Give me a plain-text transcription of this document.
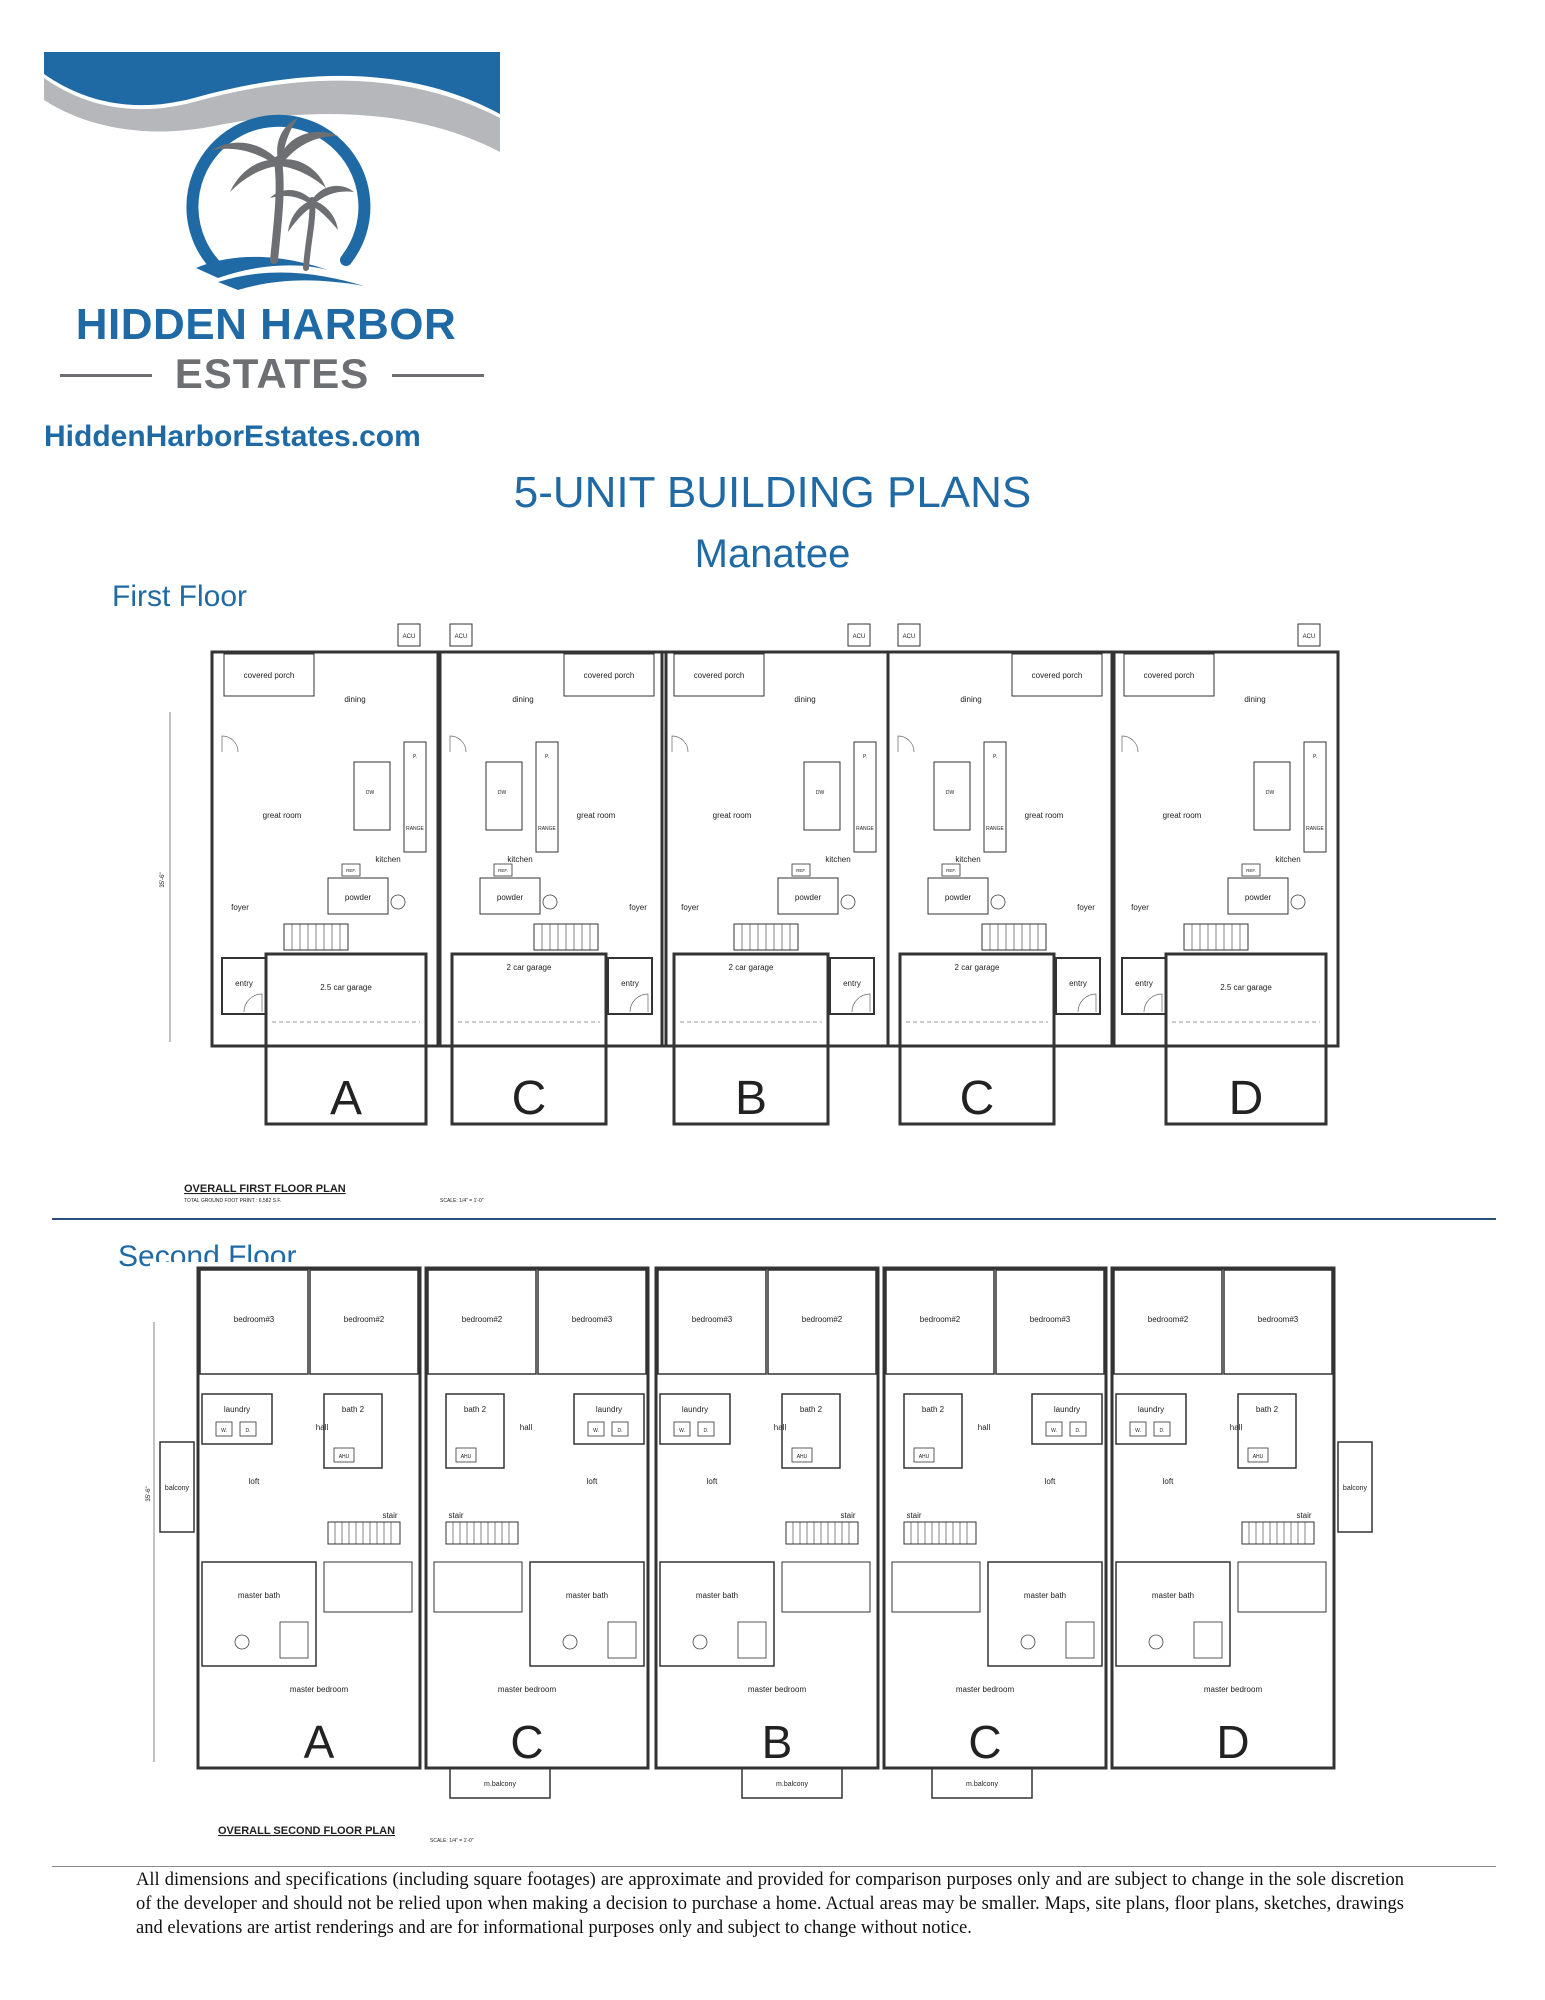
HIDDEN HARBOR
ESTATES
HiddenHarborEstates.com
5-UNIT BUILDING PLANS
Manatee
First Floor
ACU
covered porch
dining
great room
kitchen
P.
RANGE
DW
powder
REF.
foyer
2.5 car garage
A
entry
ACU
covered porch
dining
great room
kitchen
P.
RANGE
DW
powder
REF.
foyer
2 car garage
C
entry
ACU
covered porch
dining
great room
kitchen
P.
RANGE
DW
powder
REF.
foyer
2 car garage
B
entry
ACU
covered porch
dining
great room
kitchen
P.
RANGE
DW
powder
REF.
foyer
2 car garage
C
entry
ACU
covered porch
dining
great room
kitchen
P.
RANGE
DW
powder
REF.
foyer
2.5 car garage
D
entry
35'-6"
OVERALL FIRST FLOOR PLAN
TOTAL GROUND FOOT PRINT : 6,582 S.F.	SCALE: 1/4" = 1'-0"
Second Floor
bedroom#3	bedroom#2
laundry
W.	D.
bath 2
AHU
hall
loft
stair
master bath
master bedroom
A
bedroom#2	bedroom#3
laundry
W.	D.
bath 2
AHU
hall
loft
stair
master bath
master bedroom
C
bedroom#3	bedroom#2
laundry
W.	D.
bath 2
AHU
hall
loft
stair
master bath
master bedroom
B
bedroom#2	bedroom#3
laundry
W.	D.
bath 2
AHU
hall
loft
stair
master bath
master bedroom
C
bedroom#2	bedroom#3
laundry
W.	D.
bath 2
AHU
hall
loft
stair
master bath
master bedroom
D
balcony	balcony
m.balcony	m.balcony	m.balcony
35'-6"
OVERALL SECOND FLOOR PLAN
SCALE: 1/4" = 1'-0"
All dimensions and specifications (including square footages) are approximate and provided for comparison purposes only and are subject to change in the sole discretion of the developer and should not be relied upon when making a decision to purchase a home. Actual areas may be smaller. Maps, site plans, floor plans, sketches, drawings and elevations are artist renderings and are for informational purposes only and subject to change without notice.
